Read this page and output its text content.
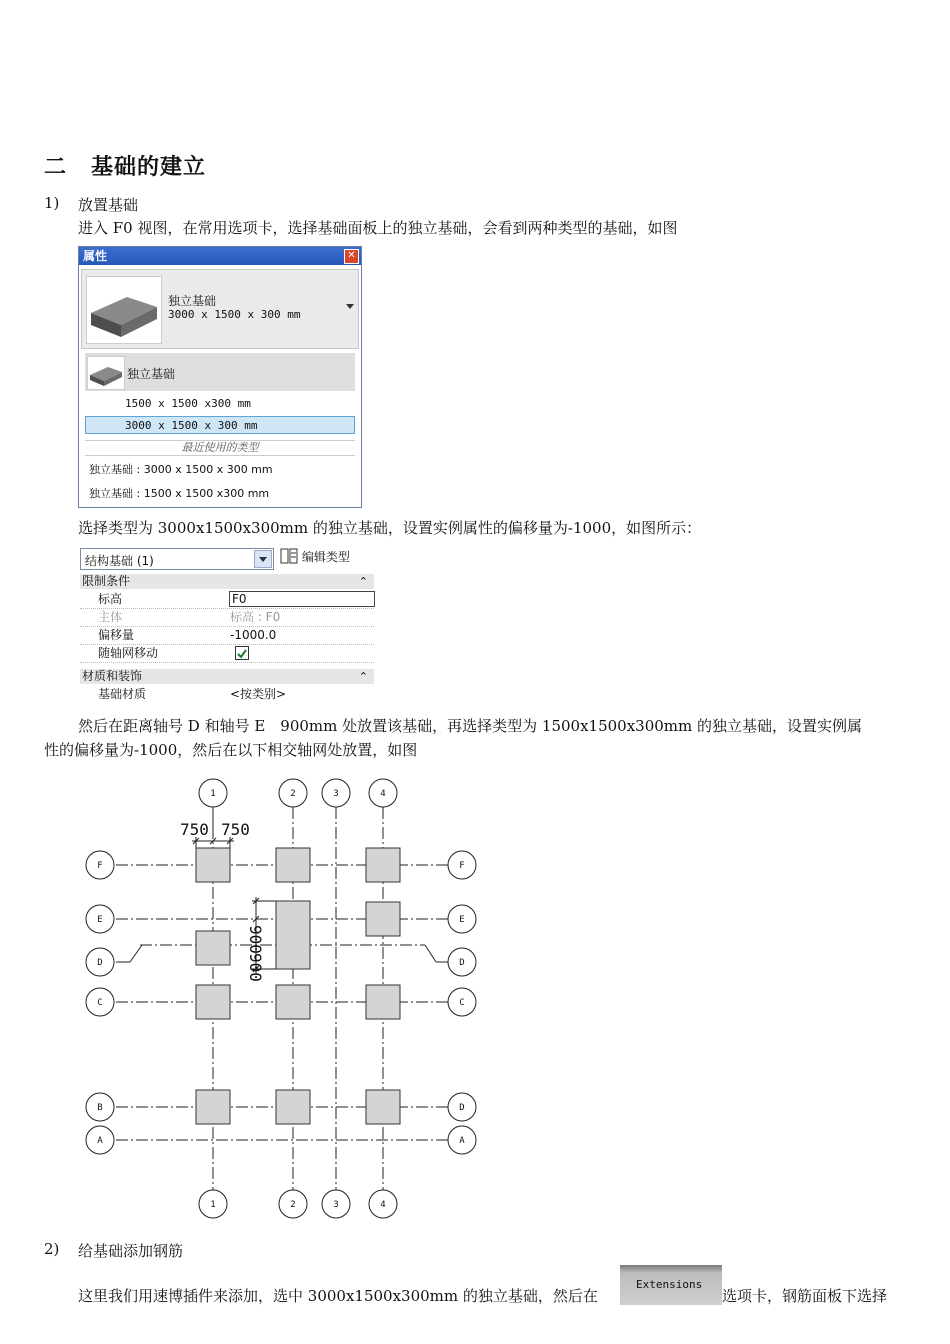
二 基础的建立
1) 放置基础
进入 F0 视图，在常用选项卡，选择基础面板上的独立基础，会看到两种类型的基础，如图
属性	✕
独立基础
3000 x 1500 x 300 mm
独立基础
1500 x 1500 x300 mm
3000 x 1500 x 300 mm
最近使用的类型
独立基础 : 3000 x 1500 x 300 mm
独立基础 : 1500 x 1500 x300 mm
选择类型为 3000x1500x300mm 的独立基础，设置实例属性的偏移量为-1000，如图所示：
结构基础 (1)	编辑类型
限制条件	⌃
标高	F0
主体	标高 : F0
偏移量	-1000.0
随轴网移动
材质和装饰	⌃
基础材质	<按类别>
然后在距离轴号 D 和轴号 E　900mm 处放置该基础，再选择类型为 1500x1500x300mm 的独立基础，设置实例属
性的偏移量为-1000，然后在以下相交轴网处放置，如图
1	2	3	4
1	2	3	4
F
E
D
C
B
A
F
E
D
C
D
A
750 750
900
900
2) 给基础添加钢筋
这里我们用速博插件来添加，选中 3000x1500x300mm 的独立基础，然后在
Extensions
选项卡，钢筋面板下选择
